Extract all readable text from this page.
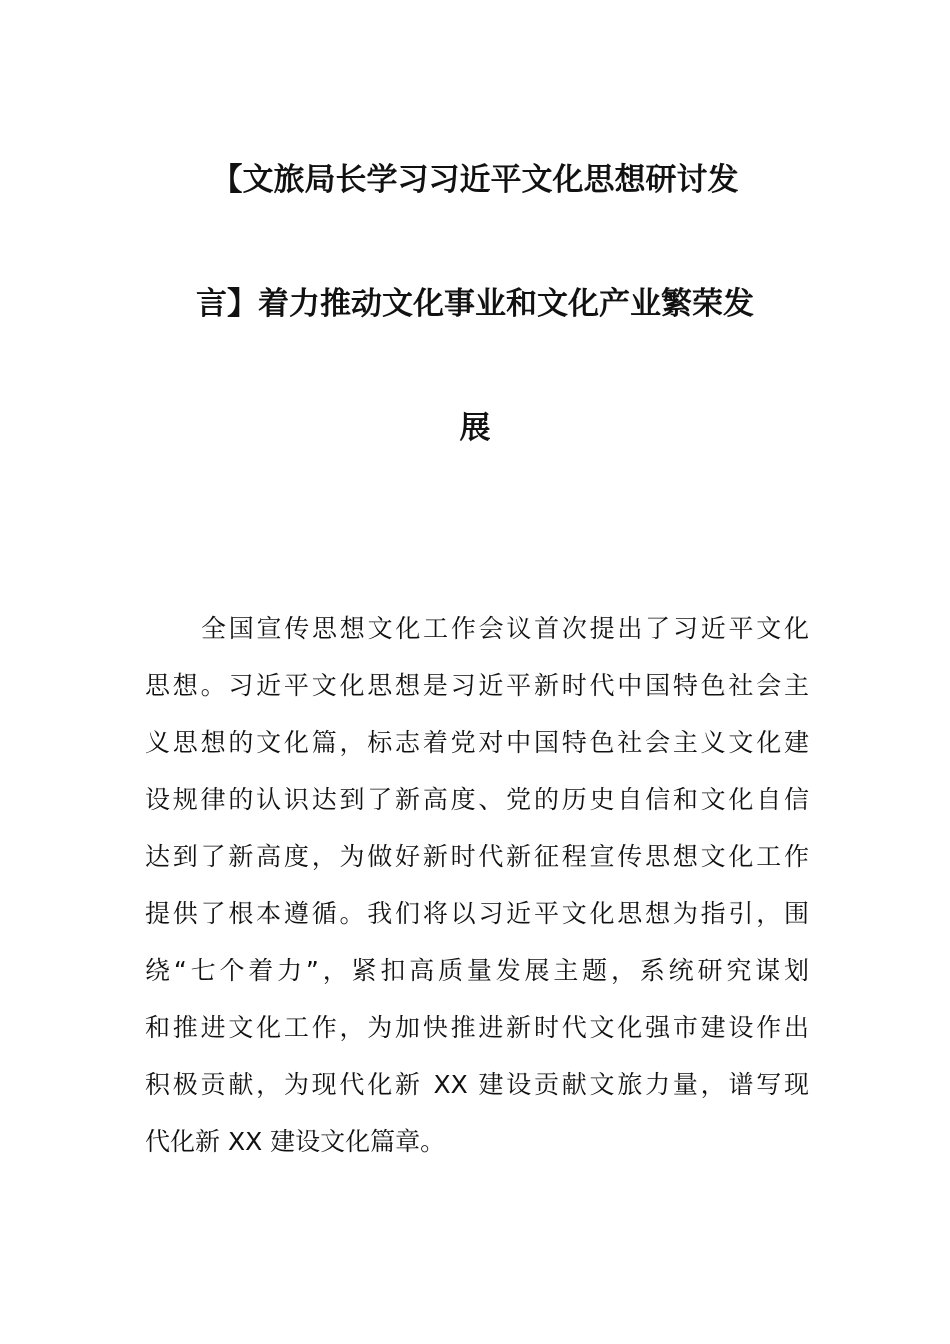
【文旅局长学习习近平文化思想研讨发
言】着力推动文化事业和文化产业繁荣发
展
全国宣传思想文化工作会议首次提出了习近平文化
思想。习近平文化思想是习近平新时代中国特色社会主
义思想的文化篇，标志着党对中国特色社会主义文化建
设规律的认识达到了新高度、党的历史自信和文化自信
达到了新高度，为做好新时代新征程宣传思想文化工作
提供了根本遵循。我们将以习近平文化思想为指引，围
绕“七个着力”，紧扣高质量发展主题，系统研究谋划
和推进文化工作，为加快推进新时代文化强市建设作出
积极贡献，为现代化新 XX 建设贡献文旅力量，谱写现
代化新 XX 建设文化篇章。
